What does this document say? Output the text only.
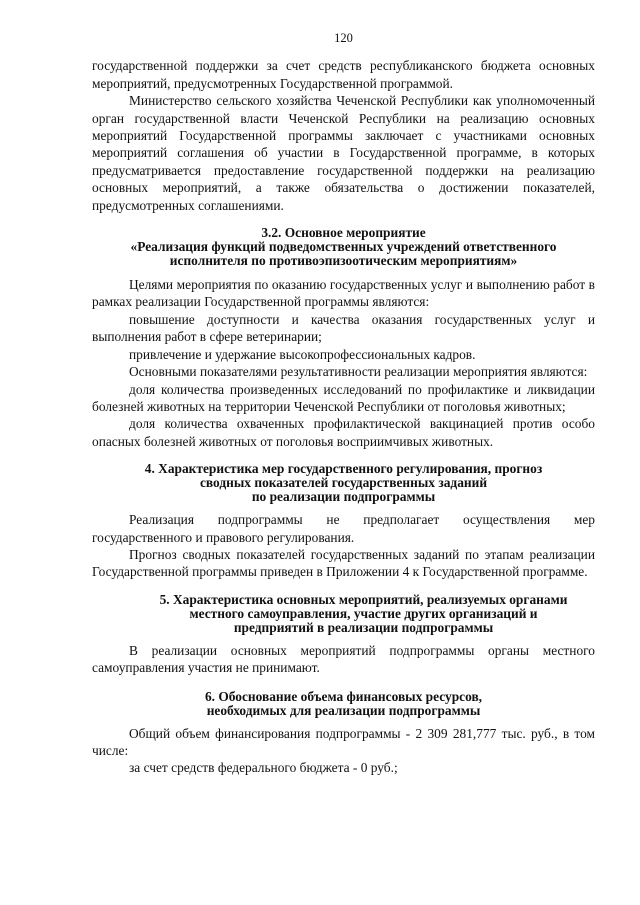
120

государственной поддержки за счет средств республиканского бюджета основных мероприятий, предусмотренных Государственной программой.

Министерство сельского хозяйства Чеченской Республики как уполномоченный орган государственной власти Чеченской Республики на реализацию основных мероприятий Государственной программы заключает с участниками основных мероприятий соглашения об участии в Государственной программе, в которых предусматривается предоставление государственной поддержки на реализацию основных мероприятий, а также обязательства о достижении показателей, предусмотренных соглашениями.

3.2. Основное мероприятие
«Реализация функций подведомственных учреждений ответственного
исполнителя по противоэпизоотическим мероприятиям»

Целями мероприятия по оказанию государственных услуг и выполнению работ в рамках реализации Государственной программы являются:

повышение доступности и качества оказания государственных услуг и выполнения работ в сфере ветеринарии;

привлечение и удержание высокопрофессиональных кадров.

Основными показателями результативности реализации мероприятия являются:

доля количества произведенных исследований по профилактике и ликвидации болезней животных на территории Чеченской Республики от поголовья животных;

доля количества охваченных профилактической вакцинацией против особо опасных болезней животных от поголовья восприимчивых животных.

4. Характеристика мер государственного регулирования, прогноз
сводных показателей государственных заданий
по реализации подпрограммы

Реализация подпрограммы не предполагает осуществления мер государственного и правового регулирования.

Прогноз сводных показателей государственных заданий по этапам реализации Государственной программы приведен в Приложении 4 к Государственной программе.

5. Характеристика основных мероприятий, реализуемых органами
местного самоуправления, участие других организаций и
предприятий в реализации подпрограммы

В реализации основных мероприятий подпрограммы органы местного самоуправления участия не принимают.

6. Обоснование объема финансовых ресурсов,
необходимых для реализации подпрограммы

Общий объем финансирования подпрограммы - 2 309 281,777 тыс. руб., в том числе:

за счет средств федерального бюджета - 0 руб.;
